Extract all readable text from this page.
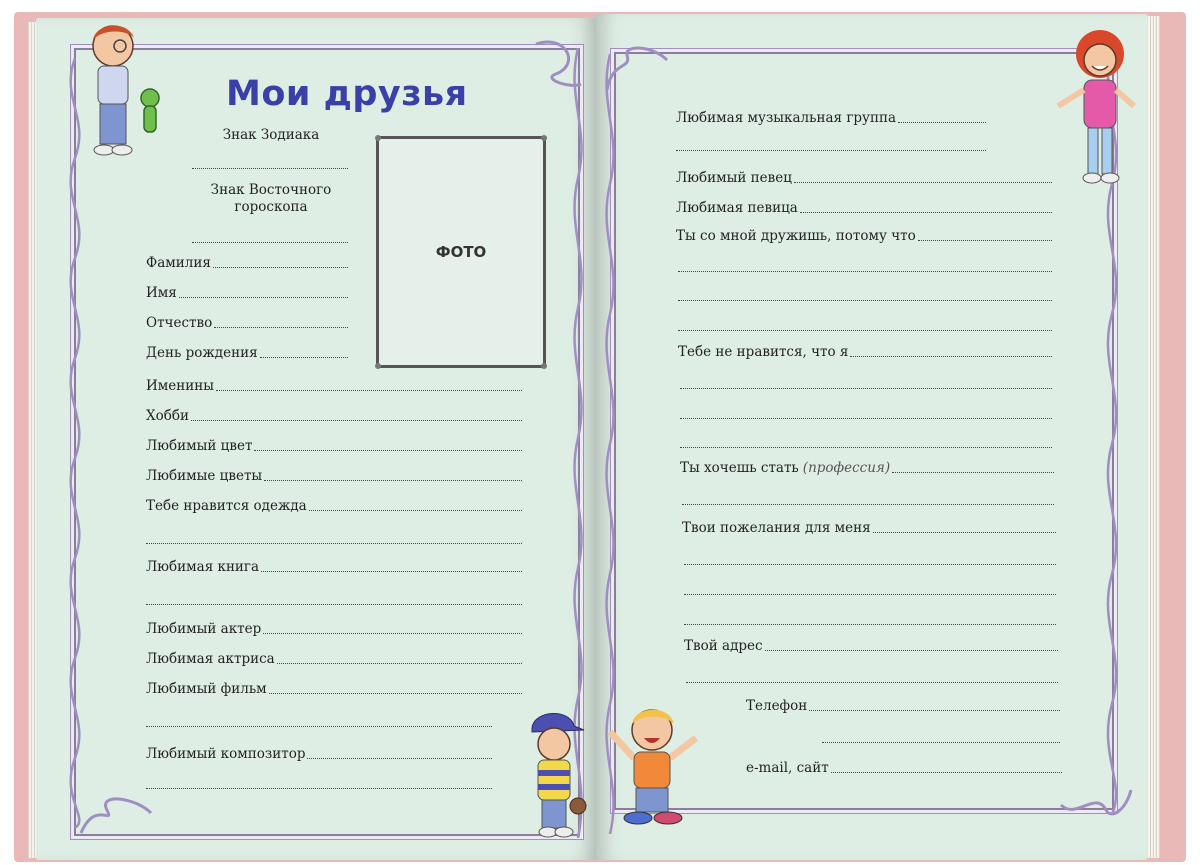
Мои друзья
Знак Зодиака
Знак Восточного гороскопа
Фамилия
Имя
Отчество
День рождения
ФОТО
Именины
Хобби
Любимый цвет
Любимые цветы
Тебе нравится одежда
Любимая книга
Любимый актер
Любимая актриса
Любимый фильм
Любимый композитор
Любимая музыкальная группа
Любимый певец
Любимая певица
Ты со мной дружишь, потому что
Тебе не нравится, что я
Ты хочешь стать (профессия)
Твои пожелания для меня
Твой адрес
Телефон
e-mail, сайт
